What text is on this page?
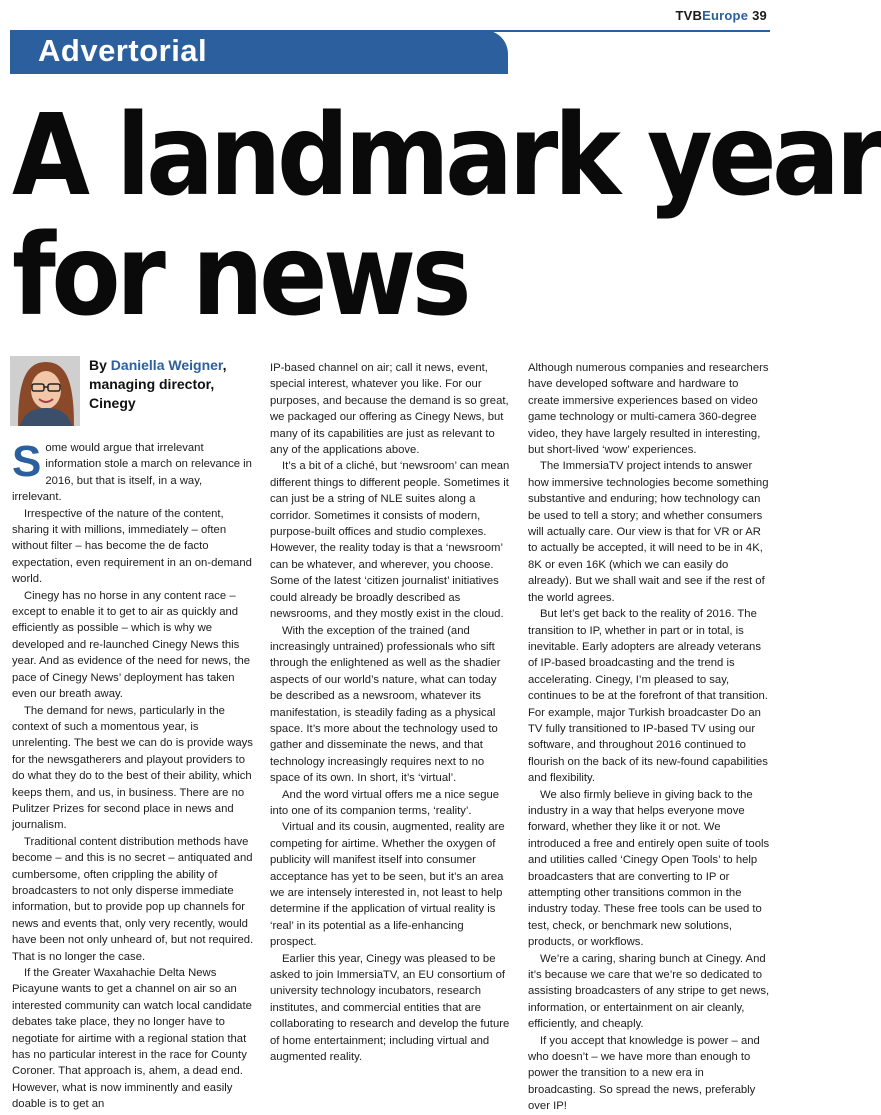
TVBEurope 39
Advertorial
A landmark year
for news
By Daniella Weigner,
managing director,
Cinegy

Some would argue that irrelevant information stole a march on relevance in 2016, but that is itself, in a way, irrelevant.

Irrespective of the nature of the content, sharing it with millions, immediately – often without filter – has become the de facto expectation, even requirement in an on-demand world.

Cinegy has no horse in any content race – except to enable it to get to air as quickly and efficiently as possible – which is why we developed and re-launched Cinegy News this year. And as evidence of the need for news, the pace of Cinegy News’ deployment has taken even our breath away.

The demand for news, particularly in the context of such a momentous year, is unrelenting. The best we can do is provide ways for the newsgatherers and playout providers to do what they do to the best of their ability, which keeps them, and us, in business. There are no Pulitzer Prizes for second place in news and journalism.

Traditional content distribution methods have become – and this is no secret – antiquated and cumbersome, often crippling the ability of broadcasters to not only disperse immediate information, but to provide pop up channels for news and events that, only very recently, would have been not only unheard of, but not required. That is no longer the case.

If the Greater Waxahachie Delta News Picayune wants to get a channel on air so an interested community can watch local candidate debates take place, they no longer have to negotiate for airtime with a regional station that has no particular interest in the race for County Coroner. That approach is, ahem, a dead end. However, what is now imminently and easily doable is to get an

IP-based channel on air; call it news, event, special interest, whatever you like. For our purposes, and because the demand is so great, we packaged our offering as Cinegy News, but many of its capabilities are just as relevant to any of the applications above.

It’s a bit of a cliché, but ‘newsroom’ can mean different things to different people. Sometimes it can just be a string of NLE suites along a corridor. Sometimes it consists of modern, purpose-built offices and studio complexes. However, the reality today is that a ‘newsroom’ can be whatever, and wherever, you choose. Some of the latest ‘citizen journalist’ initiatives could already be broadly described as newsrooms, and they mostly exist in the cloud.

With the exception of the trained (and increasingly untrained) professionals who sift through the enlightened as well as the shadier aspects of our world’s nature, what can today be described as a newsroom, whatever its manifestation, is steadily fading as a physical space. It’s more about the technology used to gather and disseminate the news, and that technology increasingly requires next to no space of its own. In short, it’s ‘virtual’.

And the word virtual offers me a nice segue into one of its companion terms, ‘reality’.

Virtual and its cousin, augmented, reality are competing for airtime. Whether the oxygen of publicity will manifest itself into consumer acceptance has yet to be seen, but it’s an area we are intensely interested in, not least to help determine if the application of virtual reality is ‘real’ in its potential as a life-enhancing prospect.

Earlier this year, Cinegy was pleased to be asked to join ImmersiaTV, an EU consortium of university technology incubators, research institutes, and commercial entities that are collaborating to research and develop the future of home entertainment; including virtual and augmented reality.

Although numerous companies and researchers have developed software and hardware to create immersive experiences based on video game technology or multi-camera 360-degree video, they have largely resulted in interesting, but short-lived ‘wow’ experiences.

The ImmersiaTV project intends to answer how immersive technologies become something substantive and enduring; how technology can be used to tell a story; and whether consumers will actually care. Our view is that for VR or AR to actually be accepted, it will need to be in 4K, 8K or even 16K (which we can easily do already). But we shall wait and see if the rest of the world agrees.

But let’s get back to the reality of 2016. The transition to IP, whether in part or in total, is inevitable. Early adopters are already veterans of IP-based broadcasting and the trend is accelerating. Cinegy, I’m pleased to say, continues to be at the forefront of that transition. For example, major Turkish broadcaster Do an TV fully transitioned to IP-based TV using our software, and throughout 2016 continued to flourish on the back of its new-found capabilities and flexibility.

We also firmly believe in giving back to the industry in a way that helps everyone move forward, whether they like it or not. We introduced a free and entirely open suite of tools and utilities called ‘Cinegy Open Tools’ to help broadcasters that are converting to IP or attempting other transitions common in the industry today. These free tools can be used to test, check, or benchmark new solutions, products, or workflows.

We’re a caring, sharing bunch at Cinegy. And it’s because we care that we’re so dedicated to assisting broadcasters of any stripe to get news, information, or entertainment on air cleanly, efficiently, and cheaply.

If you accept that knowledge is power – and who doesn’t – we have more than enough to power the transition to a new era in broadcasting. So spread the news, preferably over IP!
